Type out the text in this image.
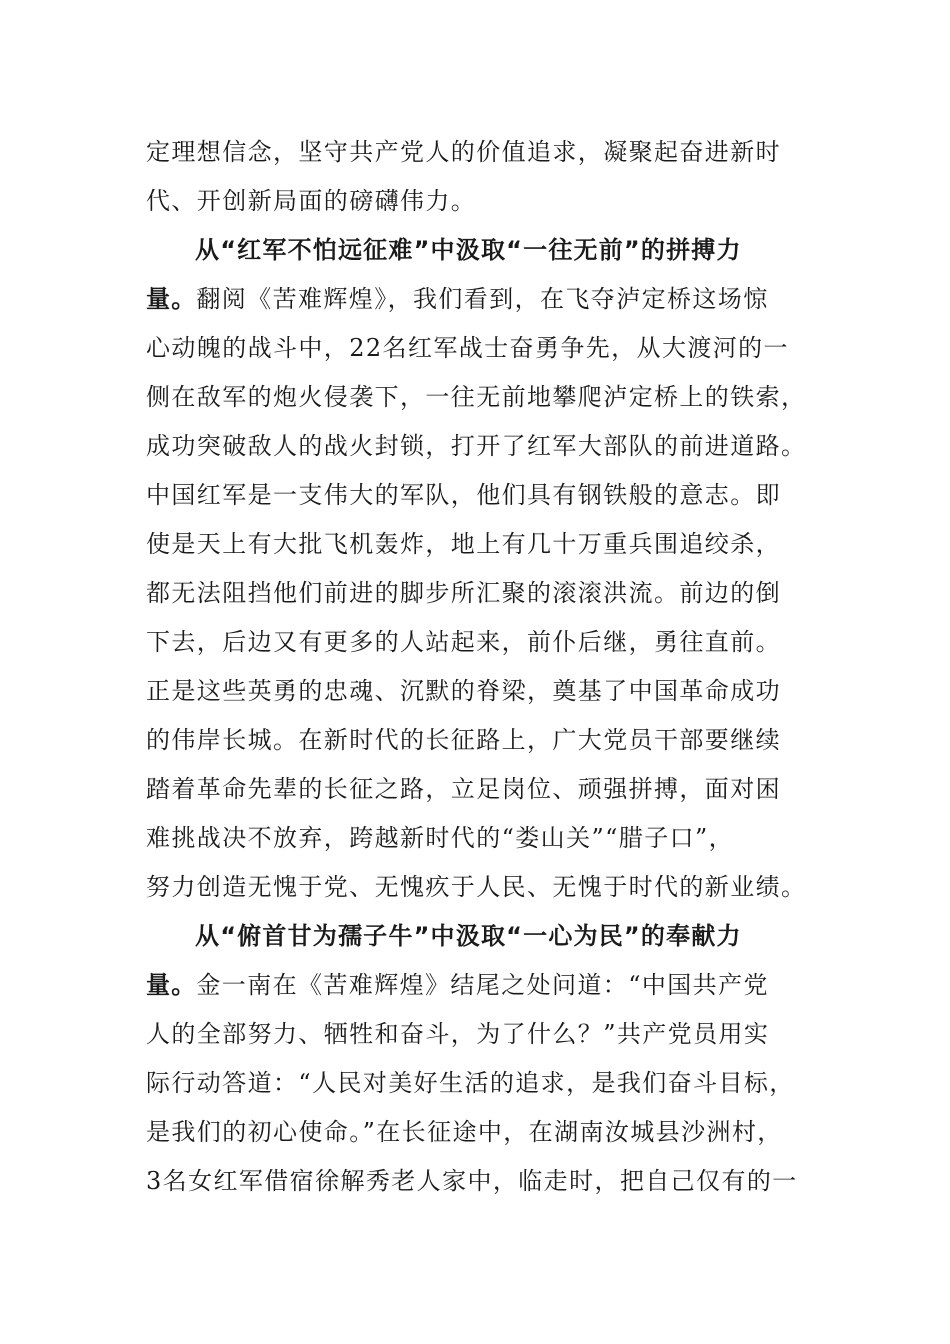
定理想信念，坚守共产党人的价值追求，凝聚起奋进新时
代、开创新局面的磅礴伟力。
从“红军不怕远征难”中汲取“一往无前”的拼搏力
量。翻阅《苦难辉煌》，我们看到，在飞夺泸定桥这场惊
心动魄的战斗中，22名红军战士奋勇争先，从大渡河的一
侧在敌军的炮火侵袭下，一往无前地攀爬泸定桥上的铁索，
成功突破敌人的战火封锁，打开了红军大部队的前进道路。
中国红军是一支伟大的军队，他们具有钢铁般的意志。即
使是天上有大批飞机轰炸，地上有几十万重兵围追绞杀，
都无法阻挡他们前进的脚步所汇聚的滚滚洪流。前边的倒
下去，后边又有更多的人站起来，前仆后继，勇往直前。
正是这些英勇的忠魂、沉默的脊梁，奠基了中国革命成功
的伟岸长城。在新时代的长征路上，广大党员干部要继续
踏着革命先辈的长征之路，立足岗位、顽强拼搏，面对困
难挑战决不放弃，跨越新时代的“娄山关”“腊子口”，
努力创造无愧于党、无愧疚于人民、无愧于时代的新业绩。
从“俯首甘为孺子牛”中汲取“一心为民”的奉献力
量。金一南在《苦难辉煌》结尾之处问道：“中国共产党
人的全部努力、牺牲和奋斗，为了什么？”共产党员用实
际行动答道：“人民对美好生活的追求，是我们奋斗目标，
是我们的初心使命。”在长征途中，在湖南汝城县沙洲村，
3名女红军借宿徐解秀老人家中，临走时，把自己仅有的一
